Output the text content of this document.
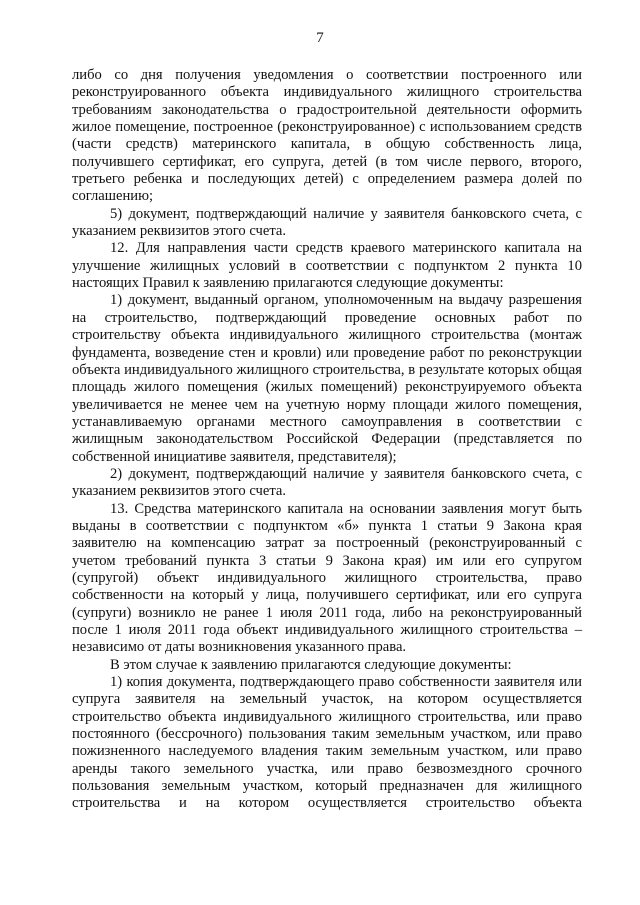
7

либо со дня получения уведомления о соответствии построенного или реконструированного объекта индивидуального жилищного строительства требованиям законодательства о градостроительной деятельности оформить жилое помещение, построенное (реконструированное) с использованием средств (части средств) материнского капитала, в общую собственность лица, получившего сертификат, его супруга, детей (в том числе первого, второго, третьего ребенка и последующих детей) с определением размера долей по соглашению;

5) документ, подтверждающий наличие у заявителя банковского счета, с указанием реквизитов этого счета.

12. Для направления части средств краевого материнского капитала на улучшение жилищных условий в соответствии с подпунктом 2 пункта 10 настоящих Правил к заявлению прилагаются следующие документы:

1) документ, выданный органом, уполномоченным на выдачу разрешения на строительство, подтверждающий проведение основных работ по строительству объекта индивидуального жилищного строительства (монтаж фундамента, возведение стен и кровли) или проведение работ по реконструкции объекта индивидуального жилищного строительства, в результате которых общая площадь жилого помещения (жилых помещений) реконструируемого объекта увеличивается не менее чем на учетную норму площади жилого помещения, устанавливаемую органами местного самоуправления в соответствии с жилищным законодательством Российской Федерации (представляется по собственной инициативе заявителя, представителя);

2) документ, подтверждающий наличие у заявителя банковского счета, с указанием реквизитов этого счета.

13. Средства материнского капитала на основании заявления могут быть выданы в соответствии с подпунктом «б» пункта 1 статьи 9 Закона края заявителю на компенсацию затрат за построенный (реконструированный с учетом требований пункта 3 статьи 9 Закона края) им или его супругом (супругой) объект индивидуального жилищного строительства, право собственности на который у лица, получившего сертификат, или его супруга (супруги) возникло не ранее 1 июля 2011 года, либо на реконструированный после 1 июля 2011 года объект индивидуального жилищного строительства – независимо от даты возникновения указанного права.

В этом случае к заявлению прилагаются следующие документы:

1) копия документа, подтверждающего право собственности заявителя или супруга заявителя на земельный участок, на котором осуществляется строительство объекта индивидуального жилищного строительства, или право постоянного (бессрочного) пользования таким земельным участком, или право пожизненного наследуемого владения таким земельным участком, или право аренды такого земельного участка, или право безвозмездного срочного пользования земельным участком, который предназначен для жилищного строительства и на котором осуществляется строительство объекта
